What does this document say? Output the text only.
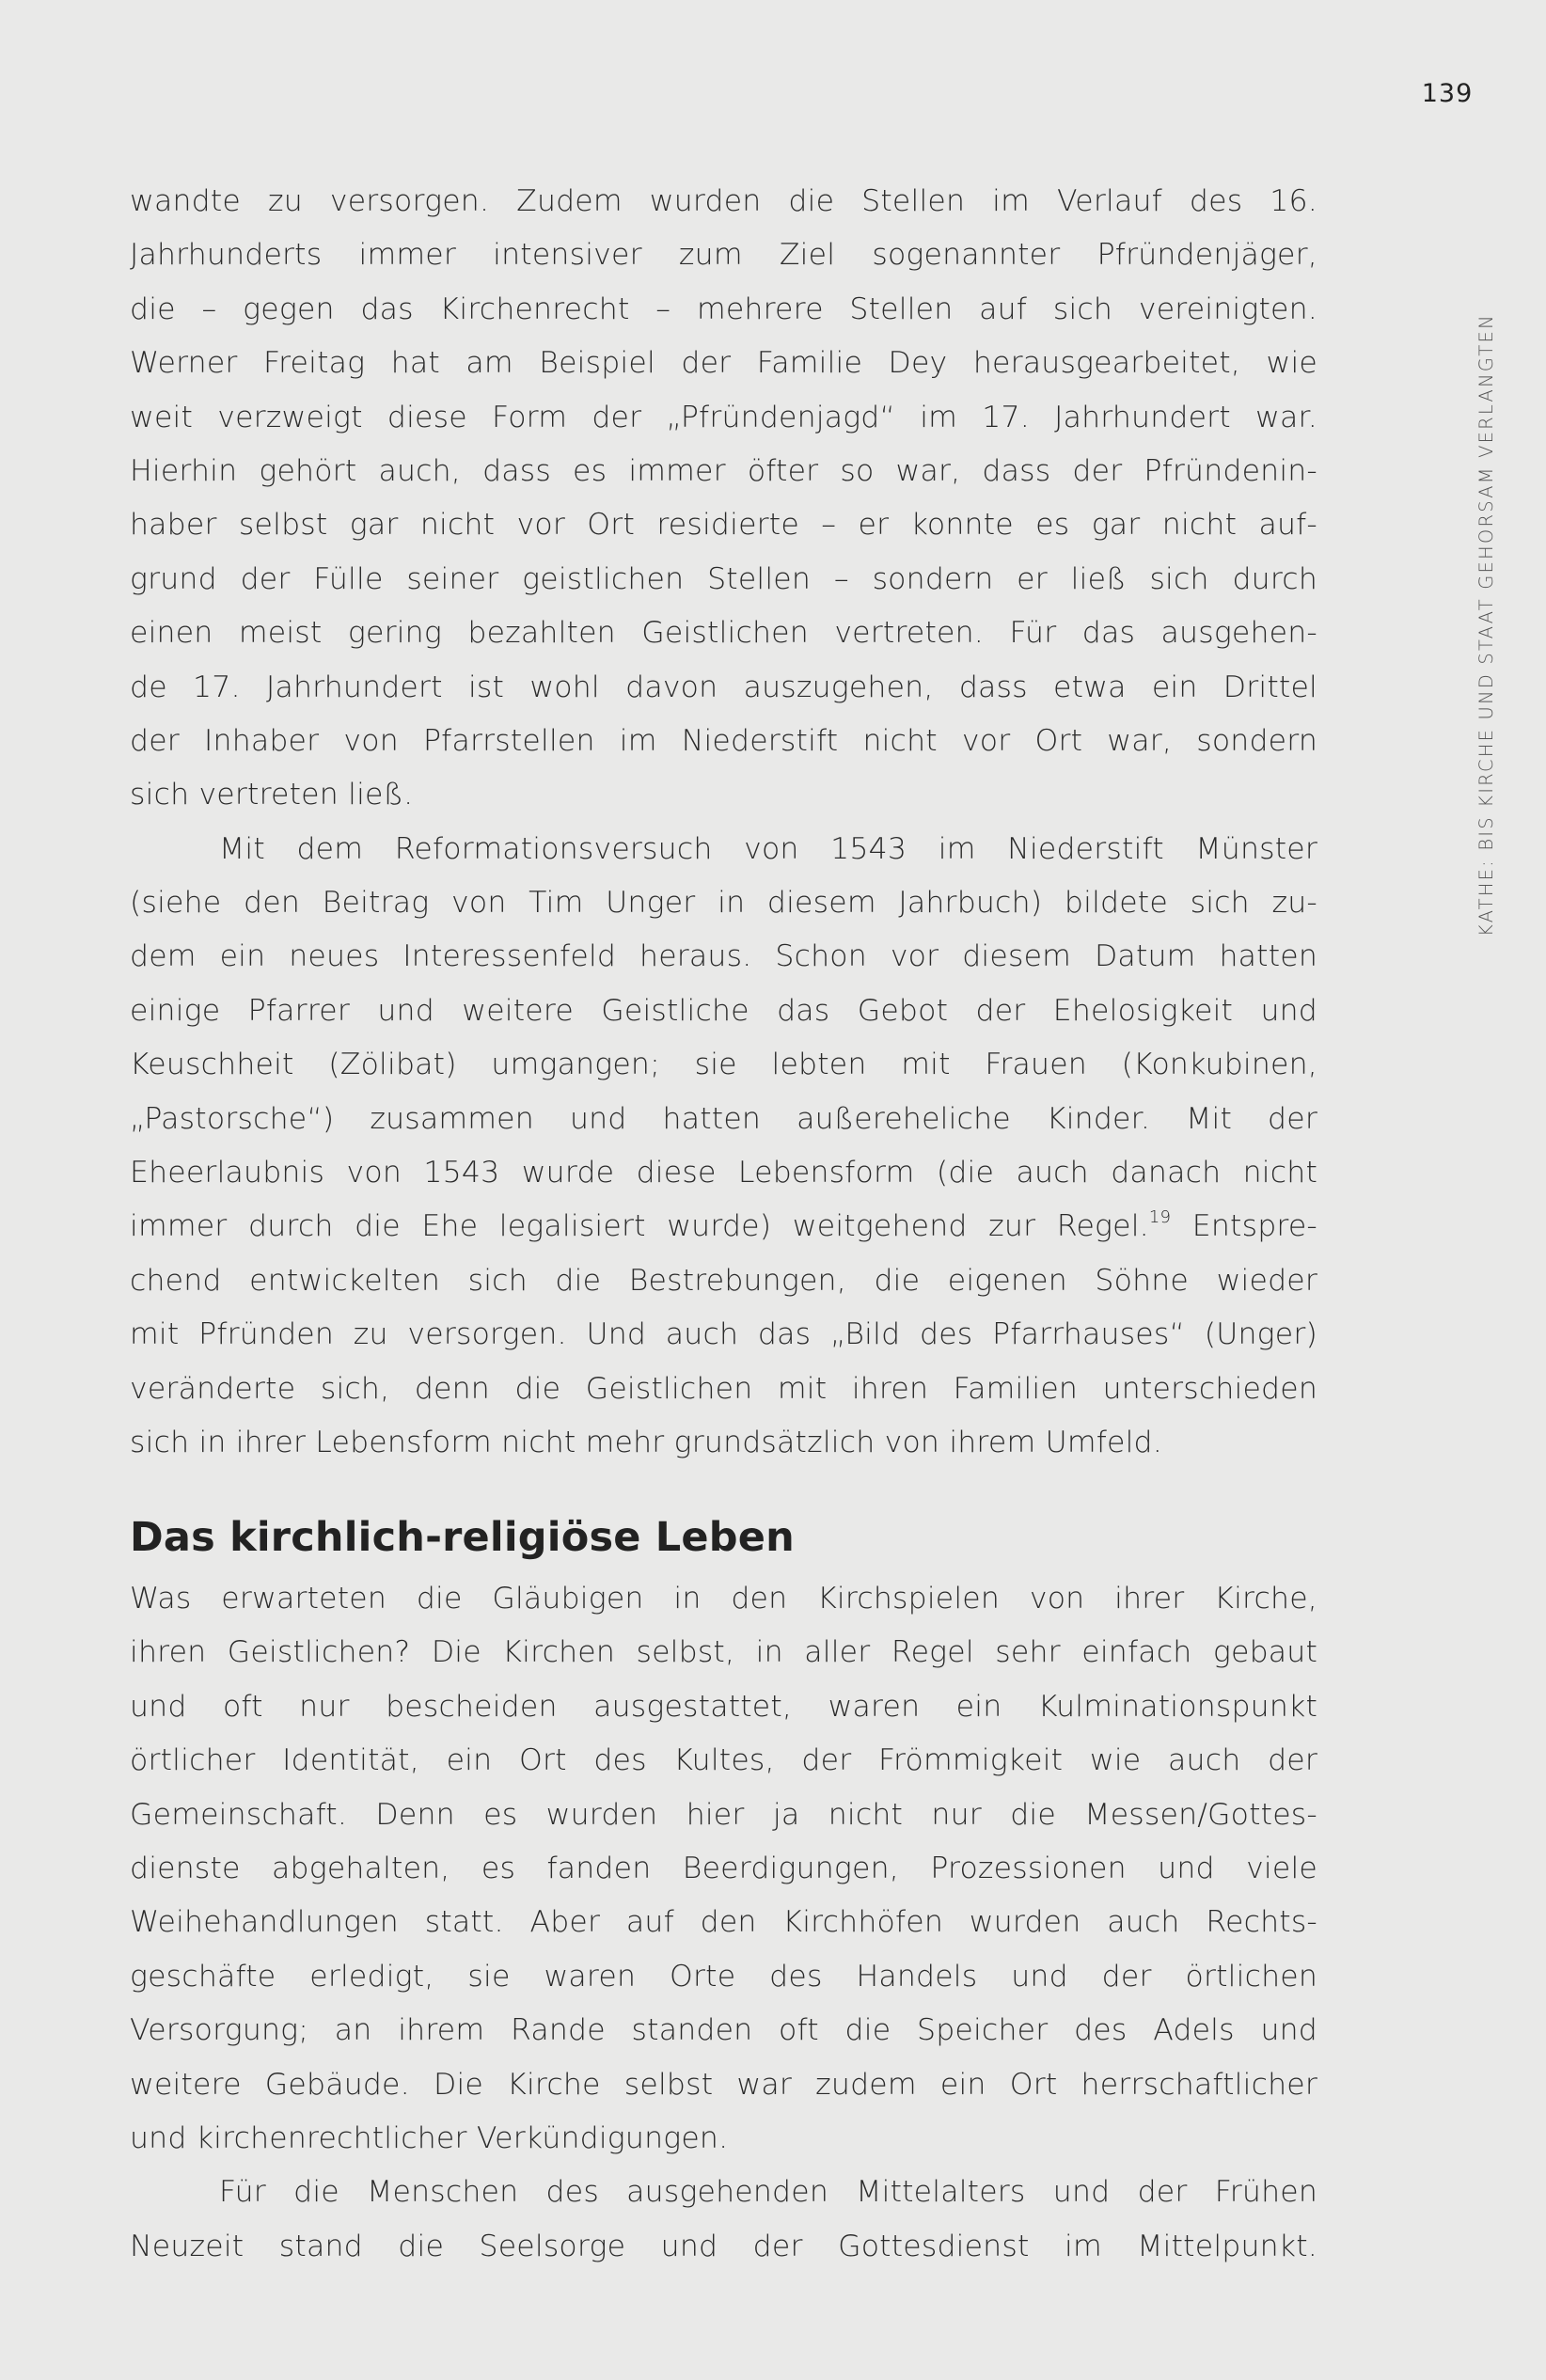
139
KATHE: BIS KIRCHE UND STAAT GEHORSAM VERLANGTEN
wandte zu versorgen. Zudem wurden die Stellen im Verlauf des 16.
Jahrhunderts immer intensiver zum Ziel sogenannter Pfründenjäger,
die – gegen das Kirchenrecht – mehrere Stellen auf sich vereinigten.
Werner Freitag hat am Beispiel der Familie Dey herausgearbeitet, wie
weit verzweigt diese Form der „Pfründenjagd“ im 17. Jahrhundert war.
Hierhin gehört auch, dass es immer öfter so war, dass der Pfründenin-
haber selbst gar nicht vor Ort residierte – er konnte es gar nicht auf-
grund der Fülle seiner geistlichen Stellen – sondern er ließ sich durch
einen meist gering bezahlten Geistlichen vertreten. Für das ausgehen-
de 17. Jahrhundert ist wohl davon auszugehen, dass etwa ein Drittel
der Inhaber von Pfarrstellen im Niederstift nicht vor Ort war, sondern
sich vertreten ließ.
Mit dem Reformationsversuch von 1543 im Niederstift Münster
(siehe den Beitrag von Tim Unger in diesem Jahrbuch) bildete sich zu-
dem ein neues Interessenfeld heraus. Schon vor diesem Datum hatten
einige Pfarrer und weitere Geistliche das Gebot der Ehelosigkeit und
Keuschheit (Zölibat) umgangen; sie lebten mit Frauen (Konkubinen,
„Pastorsche“) zusammen und hatten außereheliche Kinder. Mit der
Eheerlaubnis von 1543 wurde diese Lebensform (die auch danach nicht
immer durch die Ehe legalisiert wurde) weitgehend zur Regel.$^{19}$ Entspre-
chend entwickelten sich die Bestrebungen, die eigenen Söhne wieder
mit Pfründen zu versorgen. Und auch das „Bild des Pfarrhauses“ (Unger)
veränderte sich, denn die Geistlichen mit ihren Familien unterschieden
sich in ihrer Lebensform nicht mehr grundsätzlich von ihrem Umfeld.
Das kirchlich-religiöse Leben
Was erwarteten die Gläubigen in den Kirchspielen von ihrer Kirche,
ihren Geistlichen? Die Kirchen selbst, in aller Regel sehr einfach gebaut
und oft nur bescheiden ausgestattet, waren ein Kulminationspunkt
örtlicher Identität, ein Ort des Kultes, der Frömmigkeit wie auch der
Gemeinschaft. Denn es wurden hier ja nicht nur die Messen/Gottes-
dienste abgehalten, es fanden Beerdigungen, Prozessionen und viele
Weihehandlungen statt. Aber auf den Kirchhöfen wurden auch Rechts-
geschäfte erledigt, sie waren Orte des Handels und der örtlichen
Versorgung; an ihrem Rande standen oft die Speicher des Adels und
weitere Gebäude. Die Kirche selbst war zudem ein Ort herrschaftlicher
und kirchenrechtlicher Verkündigungen.
Für die Menschen des ausgehenden Mittelalters und der Frühen
Neuzeit stand die Seelsorge und der Gottesdienst im Mittelpunkt.
